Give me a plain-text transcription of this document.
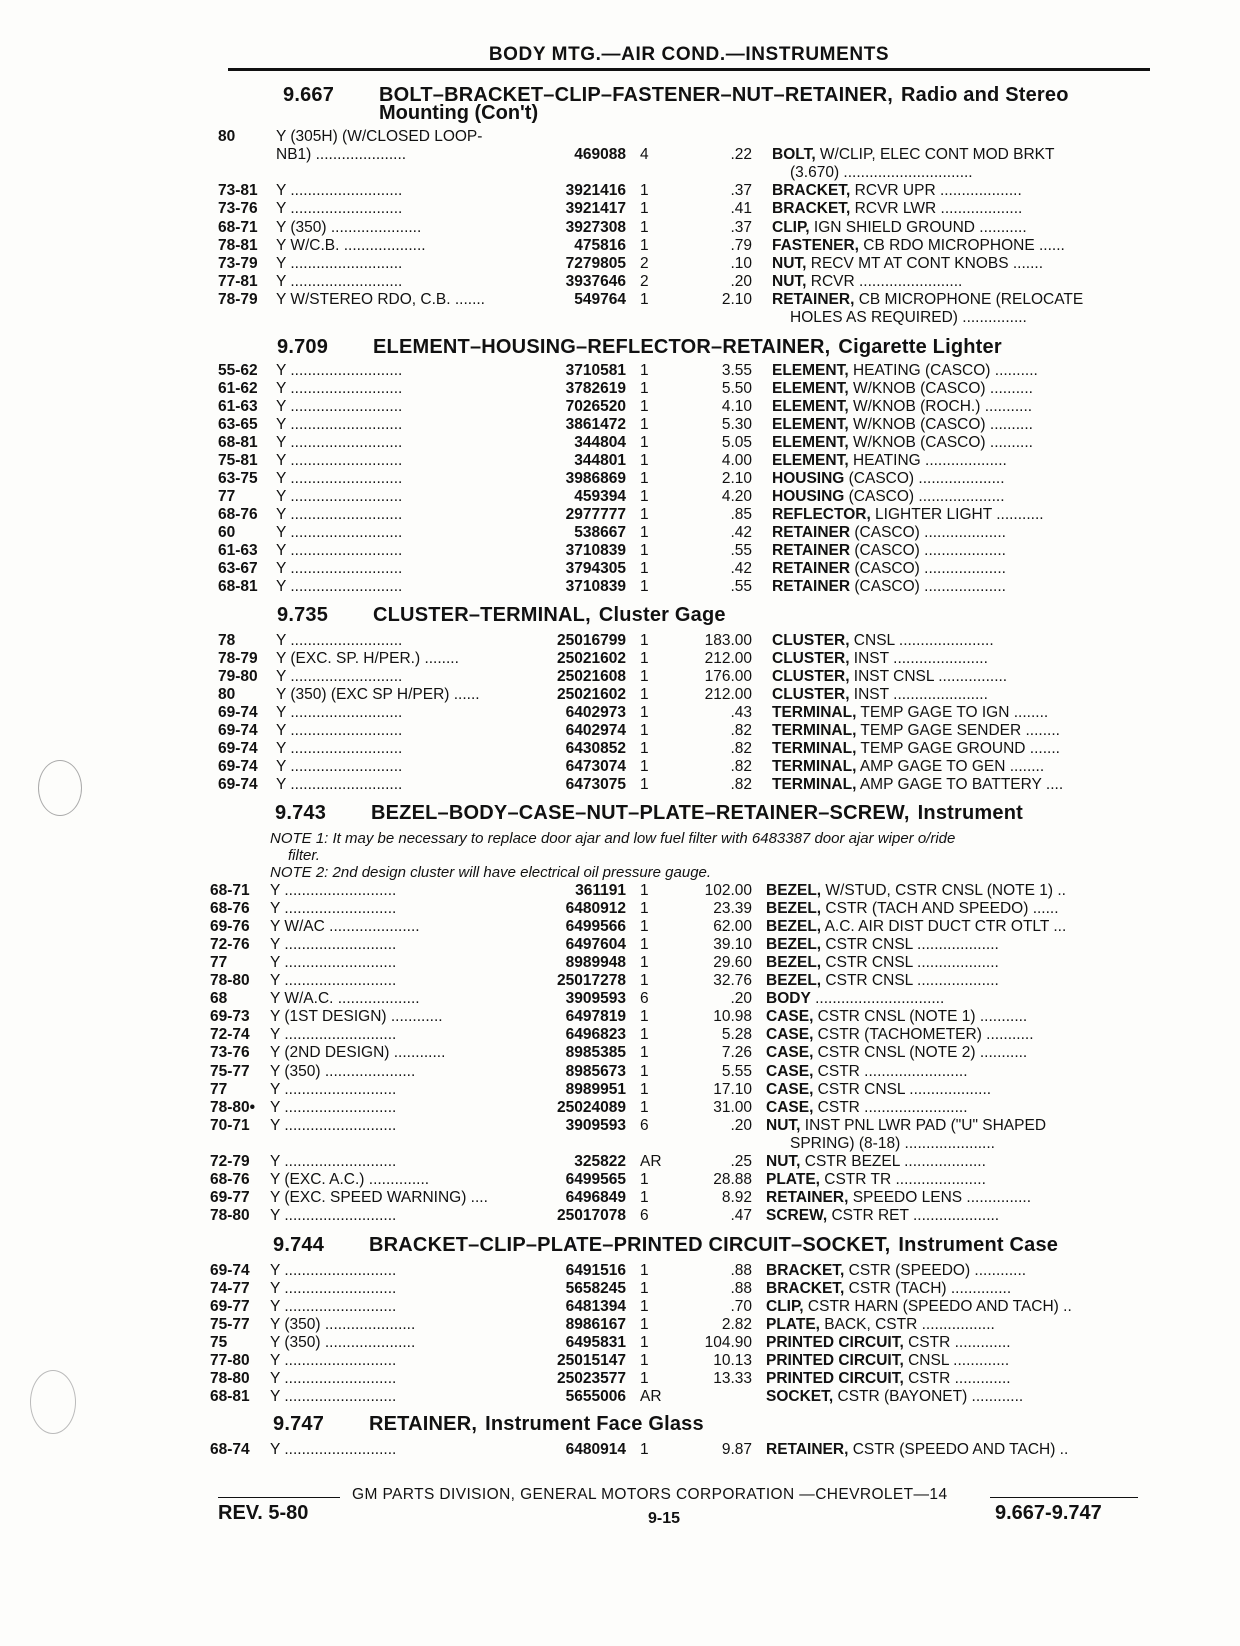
BODY MTG.—AIR COND.—INSTRUMENTS
9.667 BOLT–BRACKET–CLIP–FASTENER–NUT–RETAINER, Radio and Stereo
Mounting (Con't)
80	Y (305H) (W/CLOSED LOOP-
NB1) .....................	469088 4	.22 BOLT, W/CLIP, ELEC CONT MOD BRKT
(3.670) ..............................
73-81	Y ..........................	3921416 1	.37 BRACKET, RCVR UPR ...................
73-76	Y ..........................	3921417 1	.41 BRACKET, RCVR LWR ...................
68-71	Y (350) .....................	3927308 1	.37 CLIP, IGN SHIELD GROUND ...........
78-81	Y W/C.B. ...................	475816 1	.79 FASTENER, CB RDO MICROPHONE ......
73-79	Y ..........................	7279805 2	.10 NUT, RECV MT AT CONT KNOBS .......
77-81	Y ..........................	3937646 2	.20 NUT, RCVR ........................
78-79	Y W/STEREO RDO, C.B. .......	549764 1	2.10 RETAINER, CB MICROPHONE (RELOCATE
HOLES AS REQUIRED) ...............
9.709 ELEMENT–HOUSING–REFLECTOR–RETAINER, Cigarette Lighter
55-62	Y ..........................	3710581 1	3.55 ELEMENT, HEATING (CASCO) ..........
61-62	Y ..........................	3782619 1	5.50 ELEMENT, W/KNOB (CASCO) ..........
61-63	Y ..........................	7026520 1	4.10 ELEMENT, W/KNOB (ROCH.) ...........
63-65	Y ..........................	3861472 1	5.30 ELEMENT, W/KNOB (CASCO) ..........
68-81	Y ..........................	344804 1	5.05 ELEMENT, W/KNOB (CASCO) ..........
75-81	Y ..........................	344801 1	4.00 ELEMENT, HEATING ...................
63-75	Y ..........................	3986869 1	2.10 HOUSING (CASCO) ....................
77	Y ..........................	459394 1	4.20 HOUSING (CASCO) ....................
68-76	Y ..........................	2977777 1	.85 REFLECTOR, LIGHTER LIGHT ...........
60	Y ..........................	538667 1	.42 RETAINER (CASCO) ...................
61-63	Y ..........................	3710839 1	.55 RETAINER (CASCO) ...................
63-67	Y ..........................	3794305 1	.42 RETAINER (CASCO) ...................
68-81	Y ..........................	3710839 1	.55 RETAINER (CASCO) ...................
9.735 CLUSTER–TERMINAL, Cluster Gage
78	Y ..........................	25016799 1	183.00 CLUSTER, CNSL ......................
78-79	Y (EXC. SP. H/PER.) ........	25021602 1	212.00 CLUSTER, INST ......................
79-80	Y ..........................	25021608 1	176.00 CLUSTER, INST CNSL ................
80	Y (350) (EXC SP H/PER) ......	25021602 1	212.00 CLUSTER, INST ......................
69-74	Y ..........................	6402973 1	.43 TERMINAL, TEMP GAGE TO IGN ........
69-74	Y ..........................	6402974 1	.82 TERMINAL, TEMP GAGE SENDER ........
69-74	Y ..........................	6430852 1	.82 TERMINAL, TEMP GAGE GROUND .......
69-74	Y ..........................	6473074 1	.82 TERMINAL, AMP GAGE TO GEN ........
69-74	Y ..........................	6473075 1	.82 TERMINAL, AMP GAGE TO BATTERY ....
9.743 BEZEL–BODY–CASE–NUT–PLATE–RETAINER–SCREW, Instrument
NOTE 1: It may be necessary to replace door ajar and low fuel filter with 6483387 door ajar wiper o/ride
filter.
NOTE 2: 2nd design cluster will have electrical oil pressure gauge.
68-71	Y ..........................	361191 1	102.00 BEZEL, W/STUD, CSTR CNSL (NOTE 1) ..
68-76	Y ..........................	6480912 1	23.39 BEZEL, CSTR (TACH AND SPEEDO) ......
69-76	Y W/AC .....................	6499566 1	62.00 BEZEL, A.C. AIR DIST DUCT CTR OTLT ...
72-76	Y ..........................	6497604 1	39.10 BEZEL, CSTR CNSL ...................
77	Y ..........................	8989948 1	29.60 BEZEL, CSTR CNSL ...................
78-80	Y ..........................	25017278 1	32.76 BEZEL, CSTR CNSL ...................
68	Y W/A.C. ...................	3909593 6	.20 BODY ..............................
69-73	Y (1ST DESIGN) ............	6497819 1	10.98 CASE, CSTR CNSL (NOTE 1) ...........
72-74	Y ..........................	6496823 1	5.28 CASE, CSTR (TACHOMETER) ...........
73-76	Y (2ND DESIGN) ............	8985385 1	7.26 CASE, CSTR CNSL (NOTE 2) ...........
75-77	Y (350) .....................	8985673 1	5.55 CASE, CSTR ........................
77	Y ..........................	8989951 1	17.10 CASE, CSTR CNSL ...................
78-80• Y ..........................	25024089 1	31.00 CASE, CSTR ........................
70-71	Y ..........................	3909593 6	.20 NUT, INST PNL LWR PAD ("U" SHAPED
SPRING) (8-18) .....................
72-79	Y ..........................	325822 AR	.25 NUT, CSTR BEZEL ...................
68-76	Y (EXC. A.C.) ..............	6499565 1	28.88 PLATE, CSTR TR .....................
69-77	Y (EXC. SPEED WARNING) ....	6496849 1	8.92 RETAINER, SPEEDO LENS ...............
78-80	Y ..........................	25017078 6	.47 SCREW, CSTR RET ....................
9.744 BRACKET–CLIP–PLATE–PRINTED CIRCUIT–SOCKET, Instrument Case
69-74	Y ..........................	6491516 1	.88 BRACKET, CSTR (SPEEDO) ............
74-77	Y ..........................	5658245 1	.88 BRACKET, CSTR (TACH) ..............
69-77	Y ..........................	6481394 1	.70 CLIP, CSTR HARN (SPEEDO AND TACH) ..
75-77	Y (350) .....................	8986167 1	2.82 PLATE, BACK, CSTR .................
75	Y (350) .....................	6495831 1	104.90 PRINTED CIRCUIT, CSTR .............
77-80	Y ..........................	25015147 1	10.13 PRINTED CIRCUIT, CNSL .............
78-80	Y ..........................	25023577 1	13.33 PRINTED CIRCUIT, CSTR .............
68-81	Y ..........................	5655006 AR	SOCKET, CSTR (BAYONET) ............
9.747 RETAINER, Instrument Face Glass
68-74	Y ..........................	6480914 1	9.87 RETAINER, CSTR (SPEEDO AND TACH) ..
GM PARTS DIVISION, GENERAL MOTORS CORPORATION —CHEVROLET—14
REV. 5-80	9-15	9.667-9.747
